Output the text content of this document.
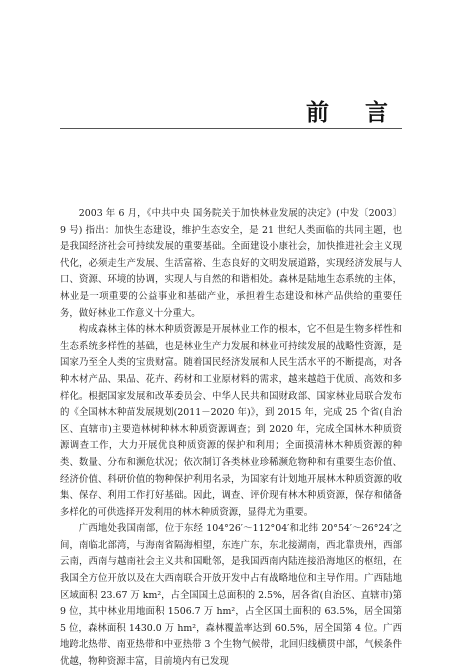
前 言

2003 年 6 月，《中共中央 国务院关于加快林业发展的决定》(中发〔2003〕9 号) 指出：加快生态建设，维护生态安全，是 21 世纪人类面临的共同主题，也是我国经济社会可持续发展的重要基础。全面建设小康社会，加快推进社会主义现代化，必须走生产发展、生活富裕、生态良好的文明发展道路，实现经济发展与人口、资源、环境的协调，实现人与自然的和谐相处。森林是陆地生态系统的主体，林业是一项重要的公益事业和基础产业，承担着生态建设和林产品供给的重要任务，做好林业工作意义十分重大。

构成森林主体的林木种质资源是开展林业工作的根本，它不但是生物多样性和生态系统多样性的基础，也是林业生产力发展和林业可持续发展的战略性资源，是国家乃至全人类的宝贵财富。随着国民经济发展和人民生活水平的不断提高，对各种木材产品、果品、花卉、药材和工业原材料的需求，越来越趋于优质、高效和多样化。根据国家发展和改革委员会、中华人民共和国财政部、国家林业局联合发布的《全国林木种苗发展规划(2011－2020 年)》，到 2015 年，完成 25 个省(自治区、直辖市)主要造林树种林木种质资源调查；到 2020 年，完成全国林木种质资源调查工作，大力开展优良种质资源的保护和利用；全面摸清林木种质资源的种类、数量、分布和濒危状况；依次制订各类林业珍稀濒危物种和有重要生态价值、经济价值、科研价值的物种保护利用名录，为国家有计划地开展林木种质资源的收集、保存、利用工作打好基础。因此，调查、评价现有林木种质资源，保存和储备多样化的可供选择开发利用的林木种质资源，显得尤为重要。

广西地处我国南部，位于东经 104°26′～112°04′和北纬 20°54′～26°24′之间，南临北部湾，与海南省隔海相望，东连广东，东北接湖南，西北靠贵州，西部云南，西南与越南社会主义共和国毗邻，是我国西南内陆连接沿海地区的枢纽，在我国全方位开放以及在大西南联合开放开发中占有战略地位和主导作用。广西陆地区域面积 23.67 万 km²，占全国国土总面积的 2.5%，居各省(自治区、直辖市)第 9 位，其中林业用地面积 1506.7 万 hm²，占全区国土面积的 63.5%，居全国第 5 位，森林面积 1430.0 万 hm²，森林覆盖率达到 60.5%，居全国第 4 位。广西地跨北热带、南亚热带和中亚热带 3 个生物气候带，北回归线横贯中部，气候条件优越，物种资源丰富，目前境内有已发现
